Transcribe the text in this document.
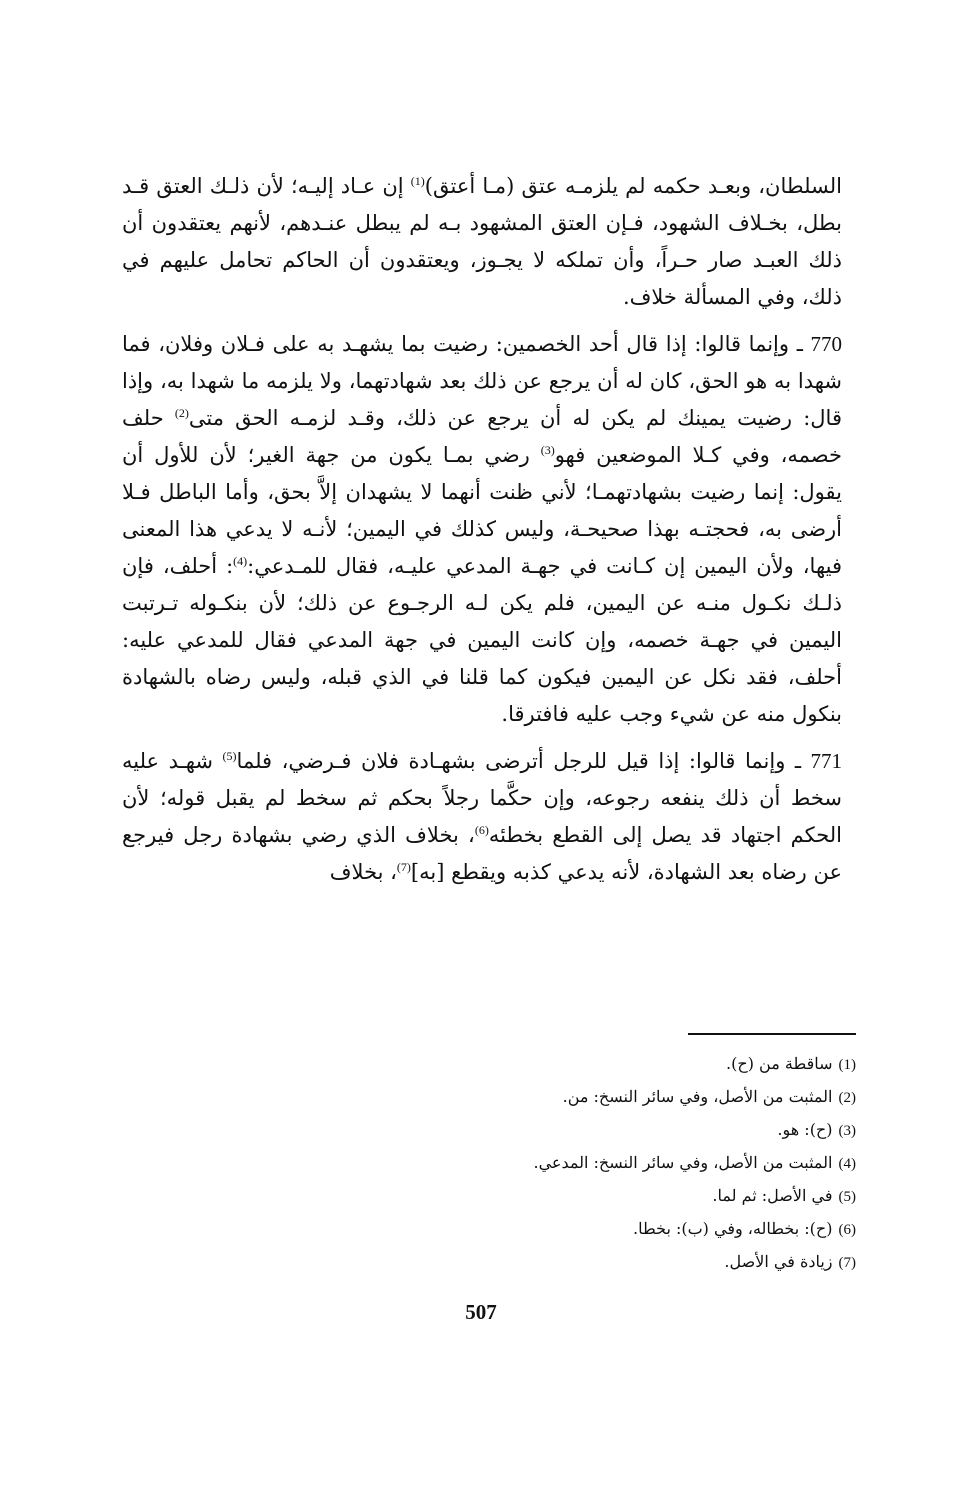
السلطان، وبعـد حكمه لم يلزمـه عتق (مـا أعتق)$^{(1)}$ إن عـاد إليـه؛ لأن ذلـك العتق قـد بطل، بخـلاف الشهود، فـإن العتق المشهود بـه لم يبطل عنـدهم، لأنهم يعتقدون أن ذلك العبـد صار حـراً، وأن تملكه لا يجـوز، ويعتقدون أن الحاكم تحامل عليهم في ذلك، وفي المسألة خلاف.

770 ـ وإنما قالوا: إذا قال أحد الخصمين: رضيت بما يشهـد به على فـلان وفلان، فما شهدا به هو الحق، كان له أن يرجع عن ذلك بعد شهادتهما، ولا يلزمه ما شهدا به، وإذا قال: رضيت يمينك لم يكن له أن يرجع عن ذلك، وقـد لزمـه الحق متى$^{(2)}$ حلف خصمه، وفي كـلا الموضعين فهو$^{(3)}$ رضي بمـا يكون من جهة الغير؛ لأن للأول أن يقول: إنما رضيت بشهادتهمـا؛ لأني ظنت أنهما لا يشهدان إلاَّ بحق، وأما الباطل فـلا أرضى به، فحجتـه بهذا صحيحـة، وليس كذلك في اليمين؛ لأنـه لا يدعي هذا المعنى فيها، ولأن اليمين إن كـانت في جهـة المدعي عليـه، فقال للمـدعي:$^{(4)}$: أحلف، فإن ذلـك نكـول منـه عن اليمين، فلم يكن لـه الرجـوع عن ذلك؛ لأن بنكـوله تـرتبت اليمين في جهـة خصمه، وإن كانت اليمين في جهة المدعي فقال للمدعي عليه: أحلف، فقد نكل عن اليمين فيكون كما قلنا في الذي قبله، وليس رضاه بالشهادة بنكول منه عن شيء وجب عليه فافترقا.

771 ـ وإنما قالوا: إذا قيل للرجل أترضى بشهـادة فلان فـرضي، فلما$^{(5)}$ شهـد عليه سخط أن ذلك ينفعه رجوعه، وإن حكَّما رجلاً بحكم ثم سخط لم يقبل قوله؛ لأن الحكم اجتهاد قد يصل إلى القطع بخطئه$^{(6)}$، بخلاف الذي رضي بشهادة رجل فيرجع عن رضاه بعد الشهادة، لأنه يدعي كذبه ويقطع [به]$^{(7)}$، بخلاف

(1)ساقطة من (ح).
(2)المثبت من الأصل، وفي سائر النسخ: من.
(3)(ح): هو.
(4)المثبت من الأصل، وفي سائر النسخ: المدعي.
(5)في الأصل: ثم لما.
(6)(ح): بخطاله، وفي (ب): بخطا.
(7)زيادة في الأصل.
507
